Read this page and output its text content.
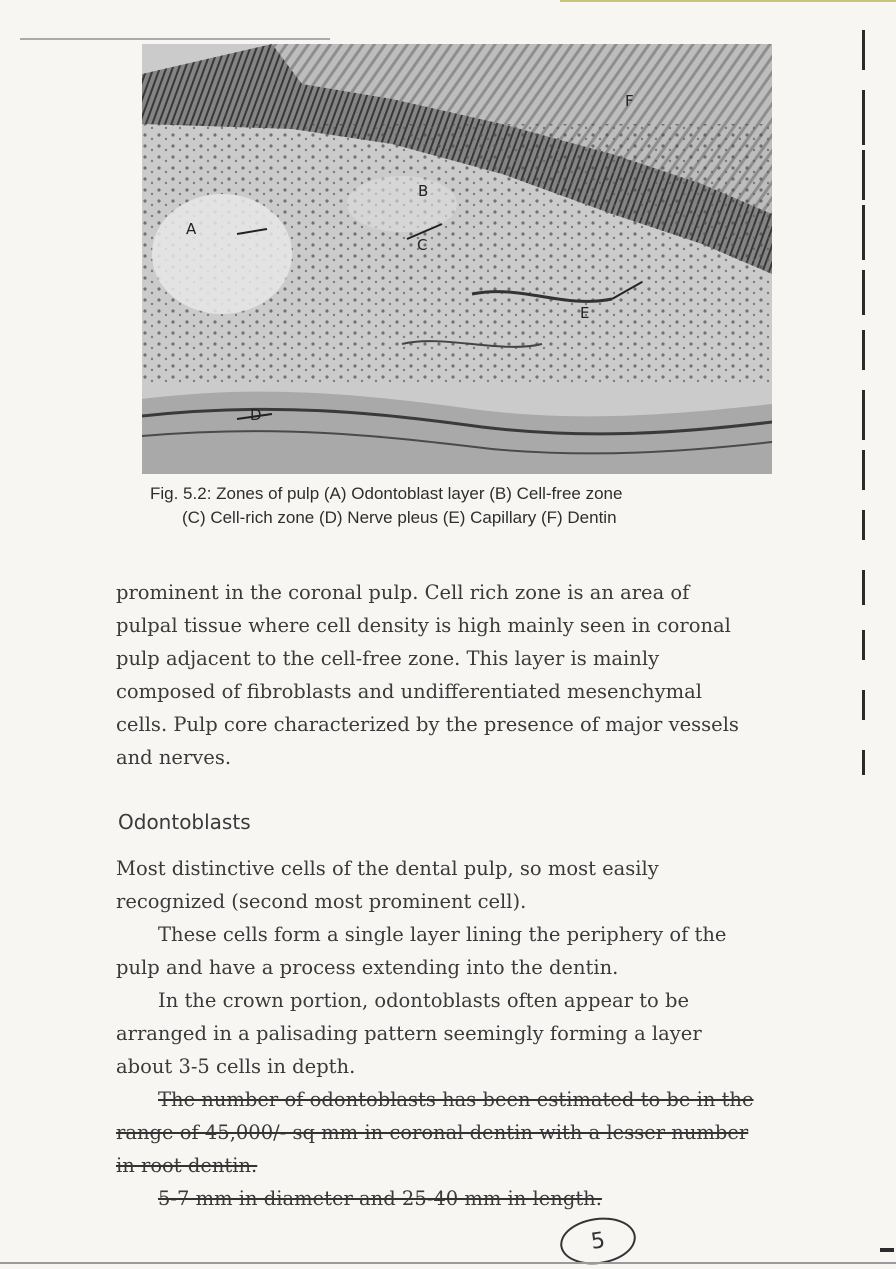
F
B
A
C
E
D
Fig. 5.2: Zones of pulp (A) Odontoblast layer (B) Cell-free zone
(C) Cell-rich zone (D) Nerve pleus (E) Capillary (F) Dentin
prominent in the coronal pulp. Cell rich zone is an area of
pulpal tissue where cell density is high mainly seen in coronal
pulp adjacent to the cell-free zone. This layer is mainly
composed of fibroblasts and undifferentiated mesenchymal
cells. Pulp core characterized by the presence of major vessels
and nerves.
Odontoblasts
Most distinctive cells of the dental pulp, so most easily
recognized (second most prominent cell).
These cells form a single layer lining the periphery of the
pulp and have a process extending into the dentin.
In the crown portion, odontoblasts often appear to be
arranged in a palisading pattern seemingly forming a layer
about 3-5 cells in depth.
The number of odontoblasts has been estimated to be in the
range of 45,000/- sq mm in coronal dentin with a lesser number
in root dentin.
5-7 mm in diameter and 25-40 mm in length.
5
